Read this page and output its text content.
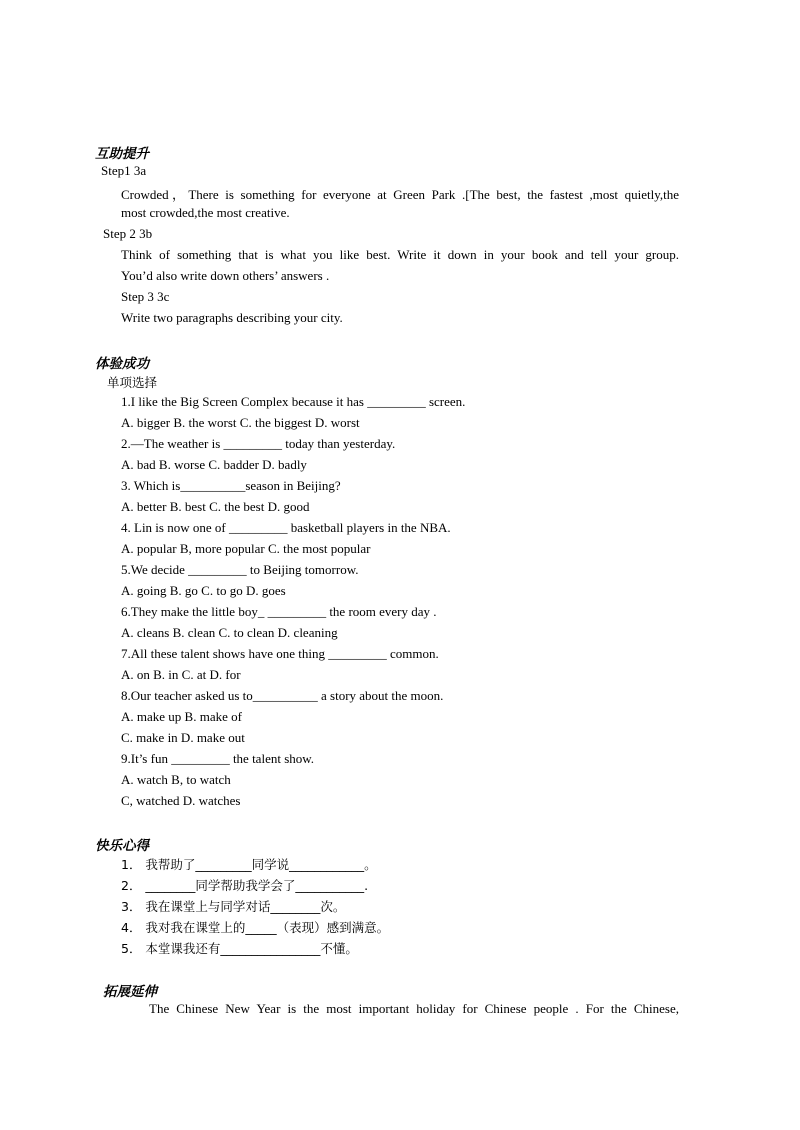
互助提升
Step1 3a
Crowded，There is something for everyone at Green Park .[The best, the fastest ,most quietly,the
most crowded,the most creative.
Step 2 3b
Think of something that is what you like best. Write it down in your book and tell your group.
You’d also write down others’ answers .
Step 3 3c
Write two paragraphs describing your city.
体验成功
单项选择
1.I like the Big Screen Complex because it has _________ screen.
A. bigger B. the worst C. the biggest D. worst
2.—The weather is _________ today than yesterday.
A. bad B. worse C. badder D. badly
3. Which is__________season in Beijing?
A. better B. best C. the best D. good
4. Lin is now one of _________ basketball players in the NBA.
A. popular B, more popular C. the most popular
5.We decide _________ to Beijing tomorrow.
A. going B. go C. to go D. goes
6.They make the little boy_ _________ the room every day .
A. cleans B. clean C. to clean D. cleaning
7.All these talent shows have one thing _________ common.
A. on B. in C. at D. for
8.Our teacher asked us to__________ a story about the moon.
A. make up B. make of
C. make in D. make out
9.It’s fun _________ the talent show.
A. watch B, to watch
C, watched D. watches
快乐心得
1． 我帮助了_________同学说____________。
2． ________同学帮助我学会了___________.
3． 我在课堂上与同学对话________次。
4． 我对我在课堂上的_____（表现）感到满意。
5． 本堂课我还有________________不懂。
拓展延伸
The Chinese New Year is the most important holiday for Chinese people . For the Chinese,
